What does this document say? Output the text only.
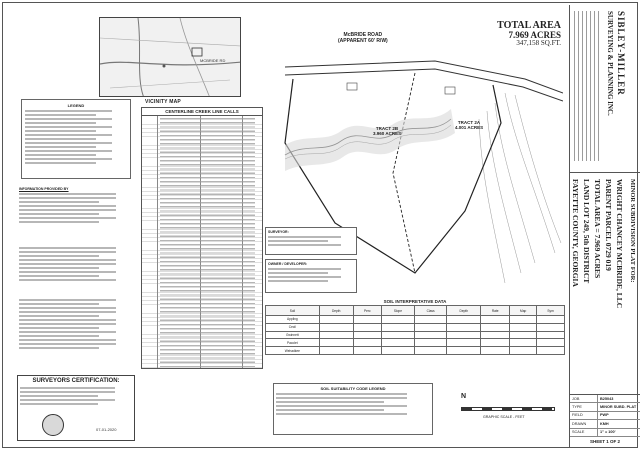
MCBRIDE RD
VICINITY MAP
LEGEND
INFORMATION PROVIDED BY
SURVEYORS CERTIFICATION:
07-01-2020
CENTERLINE CREEK LINE CALLS
TOTAL AREA
7.969 ACRES
347,158 SQ.FT.
McBRIDE ROAD
(APPARENT 60' R/W)
TRACT 2B
3.960 ACRES
TRACT 2A
4.001 ACRES
SURVEYOR:
OWNER / DEVELOPER:
SOIL INTERPRETATIVE DATA
Soil	Depth	Perc	Slope	Class	Depth	Rate	Map	Sym
Appling								
Cecil								
Gwinnett								
Pacolet								
Wehadkee								
SOIL SUITABILITY CODE LEGEND
N
GRAPHIC SCALE - FEET
SIBLEY-MILLER
SURVEYING & PLANNING INC.
MINOR SUBDIVISION PLAT FOR:
WRIGHT CHANCEY MCBRIDE, LLC
PARENT PARCEL 0729 019
TOTAL AREA = 7.969 ACRES
LAND LOT 249, 5th DISTRICT
FAYETTE COUNTY, GEORGIA
JOB	B25043
TYPE	MINOR SUBD. PLAT
FIELD	PWP
DRAWN	KMH
SCALE	1" = 100'
SHEET 1 OF 2
